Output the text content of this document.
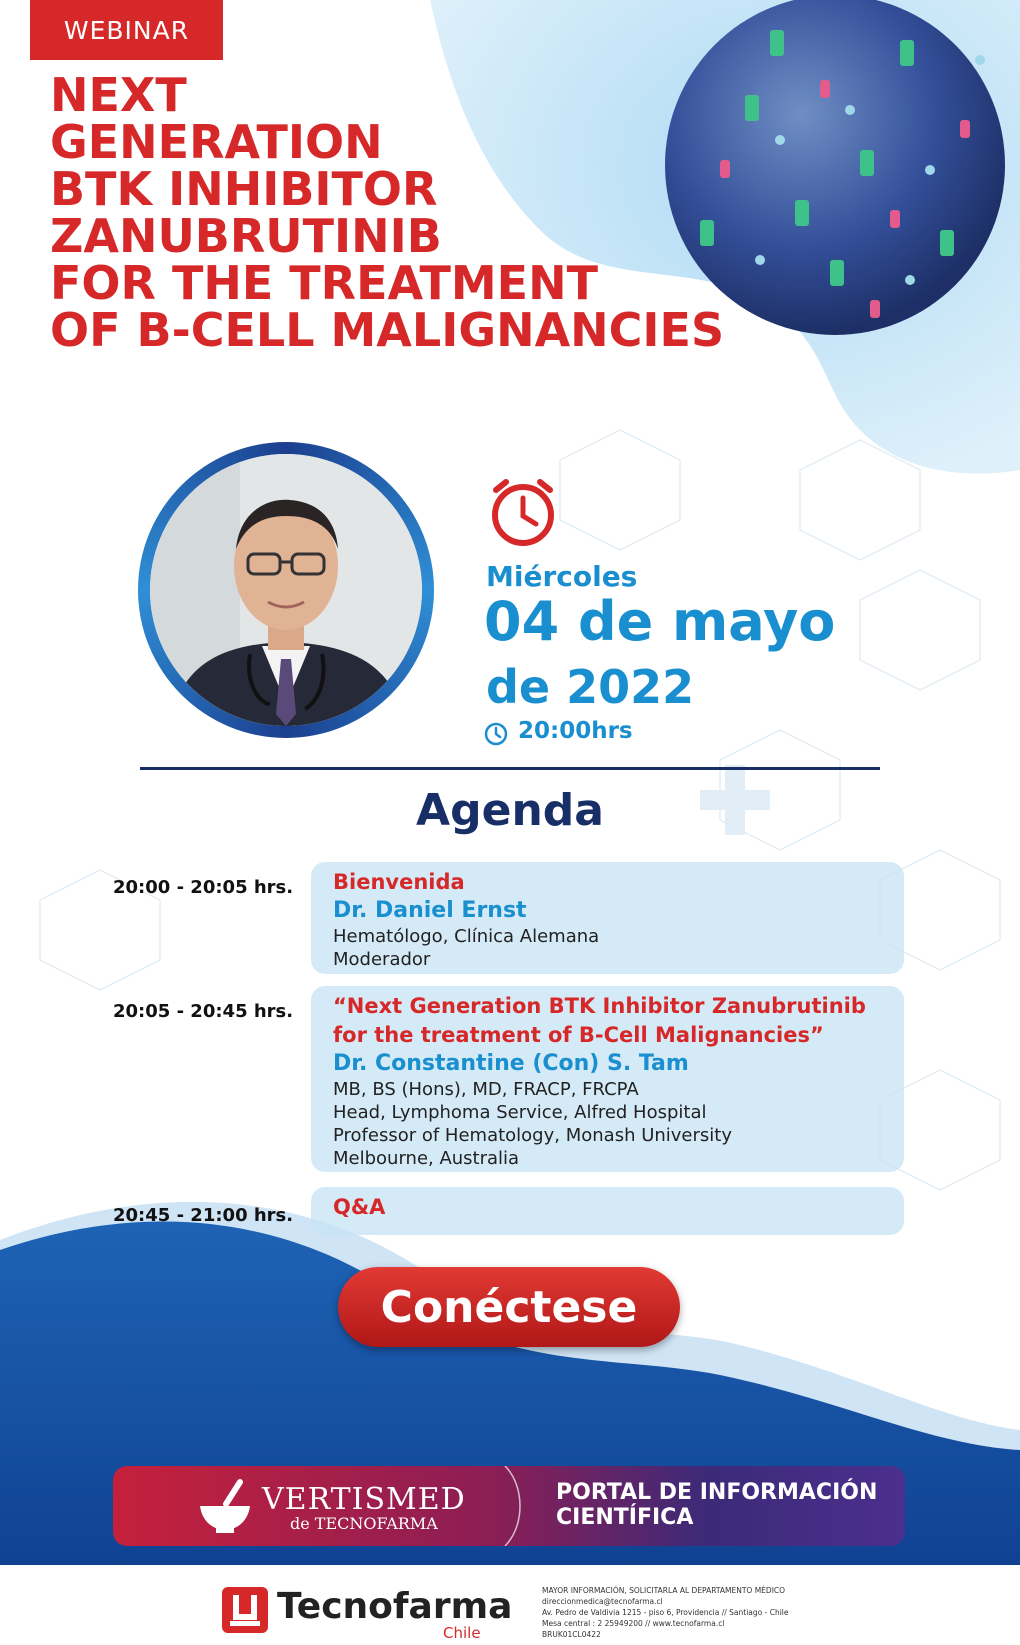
WEBINAR
NEXT
GENERATION
BTK INHIBITOR
ZANUBRUTINIB
FOR THE TREATMENT
OF B-CELL MALIGNANCIES
Miércoles
04 de mayo
de 2022
20:00hrs
Agenda
20:00 - 20:05 hrs. Bienvenida
Dr. Daniel Ernst
Hematólogo, Clínica Alemana
Moderador
20:05 - 20:45 hrs. “Next Generation BTK Inhibitor Zanubrutinib
for the treatment of B-Cell Malignancies”
Dr. Constantine (Con) S. Tam
MB, BS (Hons), MD, FRACP, FRCPA
Head, Lymphoma Service, Alfred Hospital
Professor of Hematology, Monash University
Melbourne, Australia
20:45 - 21:00 hrs. Q&A
Conéctese
VERTISMED
de TECNOFARMA
PORTAL DE INFORMACIÓN
CIENTÍFICA
Tecnofarma
Chile
MAYOR INFORMACIÓN, SOLICITARLA AL DEPARTAMENTO MÉDICO
direccionmedica@tecnofarma.cl
Av. Pedro de Valdivia 1215 - piso 6, Providencia // Santiago - Chile
Mesa central : 2 25949200 // www.tecnofarma.cl
BRUK01CL0422
